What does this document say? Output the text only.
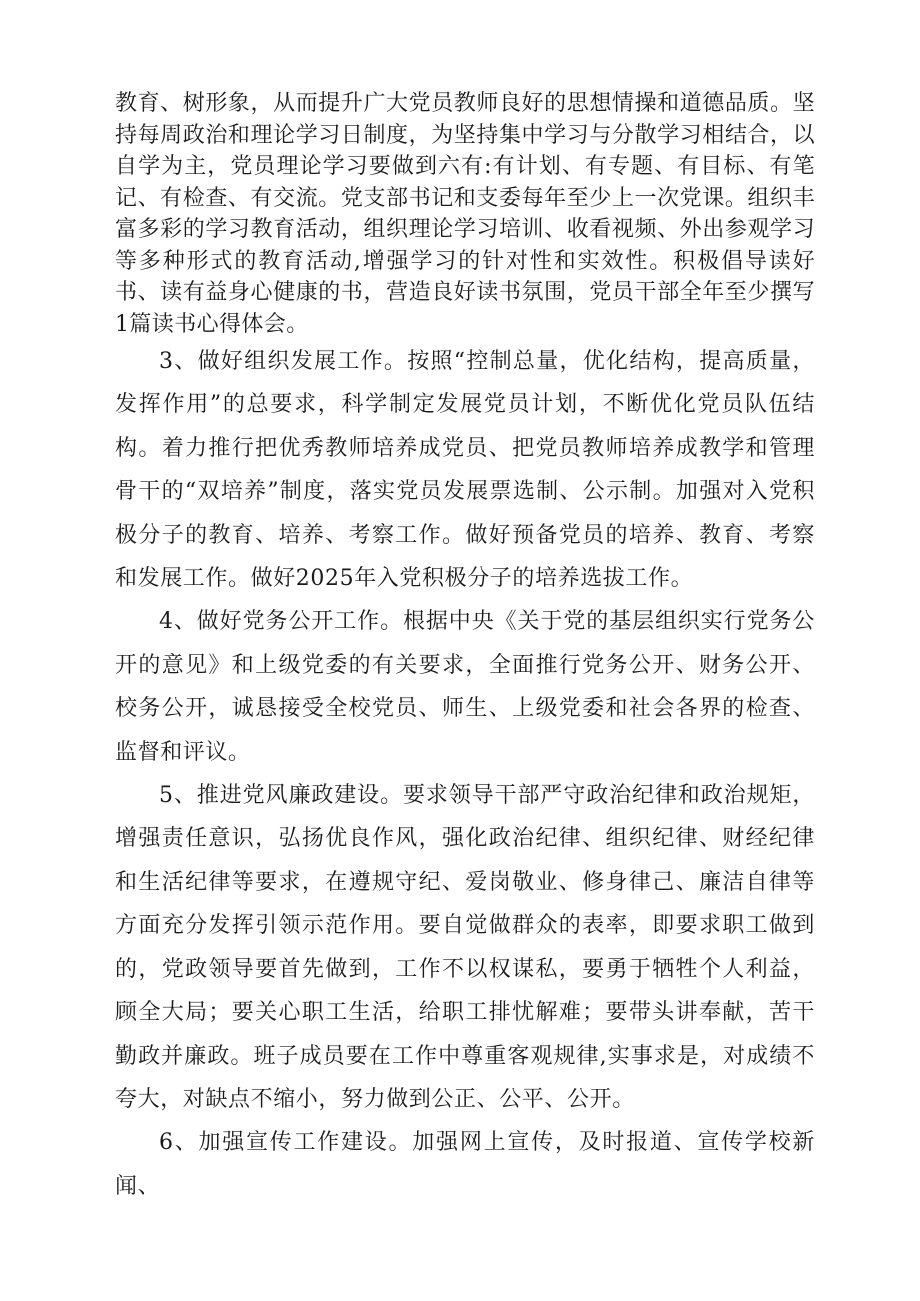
教育、树形象，从而提升广大党员教师良好的思想情操和道德品质。坚持每周政治和理论学习日制度，为坚持集中学习与分散学习相结合，以自学为主，党员理论学习要做到六有:有计划、有专题、有目标、有笔记、有检查、有交流。党支部书记和支委每年至少上一次党课。组织丰富多彩的学习教育活动，组织理论学习培训、收看视频、外出参观学习等多种形式的教育活动,增强学习的针对性和实效性。积极倡导读好书、读有益身心健康的书，营造良好读书氛围，党员干部全年至少撰写1篇读书心得体会。

3、做好组织发展工作。按照“控制总量，优化结构，提高质量，发挥作用”的总要求，科学制定发展党员计划，不断优化党员队伍结构。着力推行把优秀教师培养成党员、把党员教师培养成教学和管理骨干的“双培养”制度，落实党员发展票选制、公示制。加强对入党积极分子的教育、培养、考察工作。做好预备党员的培养、教育、考察和发展工作。做好2025年入党积极分子的培养选拔工作。

4、做好党务公开工作。根据中央《关于党的基层组织实行党务公开的意见》和上级党委的有关要求，全面推行党务公开、财务公开、校务公开，诚恳接受全校党员、师生、上级党委和社会各界的检查、监督和评议。

5、推进党风廉政建设。要求领导干部严守政治纪律和政治规矩，增强责任意识，弘扬优良作风，强化政治纪律、组织纪律、财经纪律和生活纪律等要求，在遵规守纪、爱岗敬业、修身律己、廉洁自律等方面充分发挥引领示范作用。要自觉做群众的表率，即要求职工做到的，党政领导要首先做到，工作不以权谋私，要勇于牺牲个人利益，顾全大局；要关心职工生活，给职工排忧解难；要带头讲奉献，苦干勤政并廉政。班子成员要在工作中尊重客观规律,实事求是，对成绩不夸大，对缺点不缩小，努力做到公正、公平、公开。

6、加强宣传工作建设。加强网上宣传，及时报道、宣传学校新闻、
